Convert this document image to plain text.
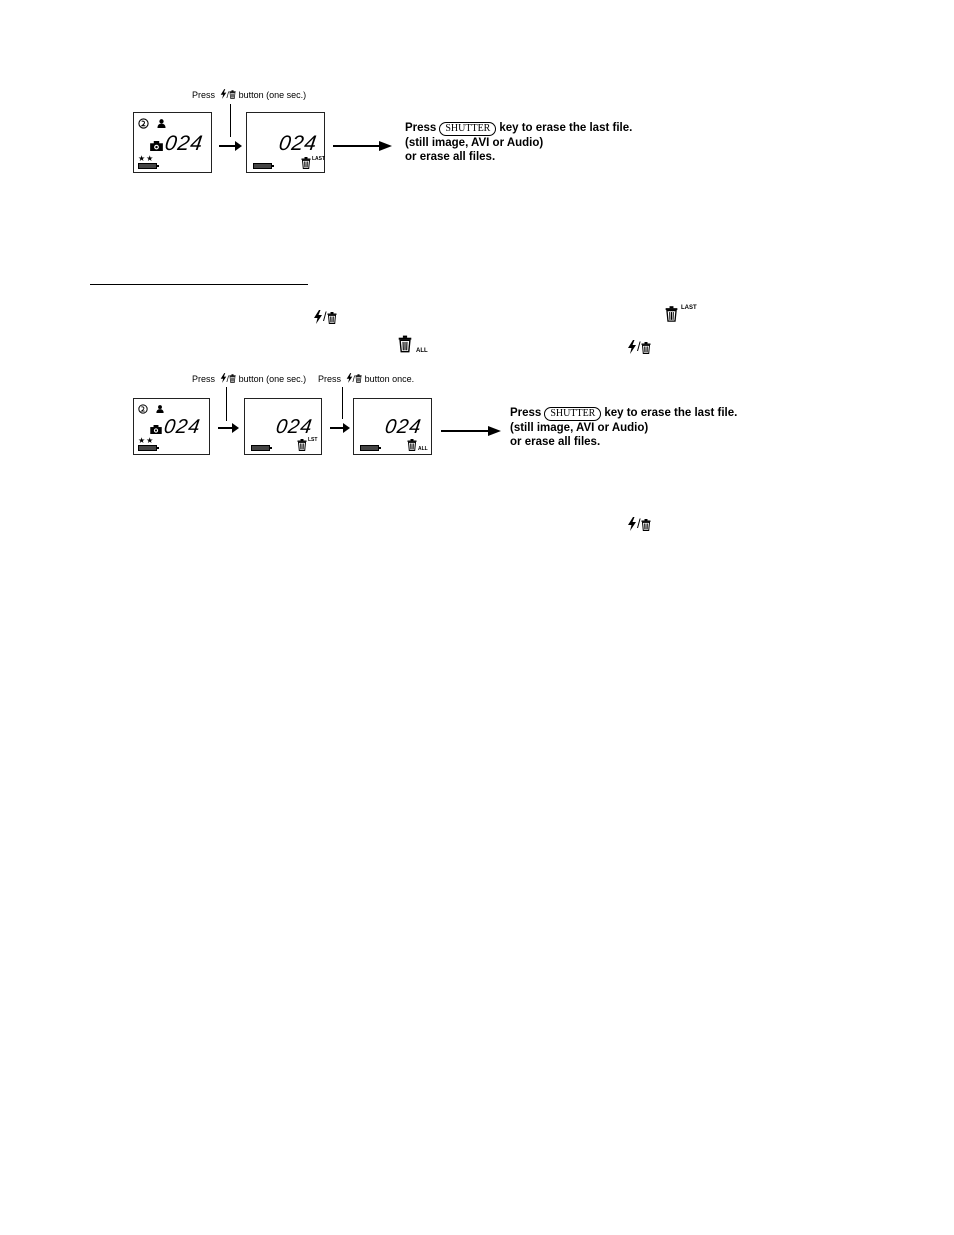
Press / button (one sec.)
024
★★
024
LAST
Press SHUTTER key to erase the last file.
(still image, AVI or Audio)
or erase all files.
/
LAST
ALL	/
/
Press / button (one sec.) Press / button once.
024
★★
024
LST
024
ALL
Press SHUTTER key to erase the last file.
(still image, AVI or Audio)
or erase all files.
